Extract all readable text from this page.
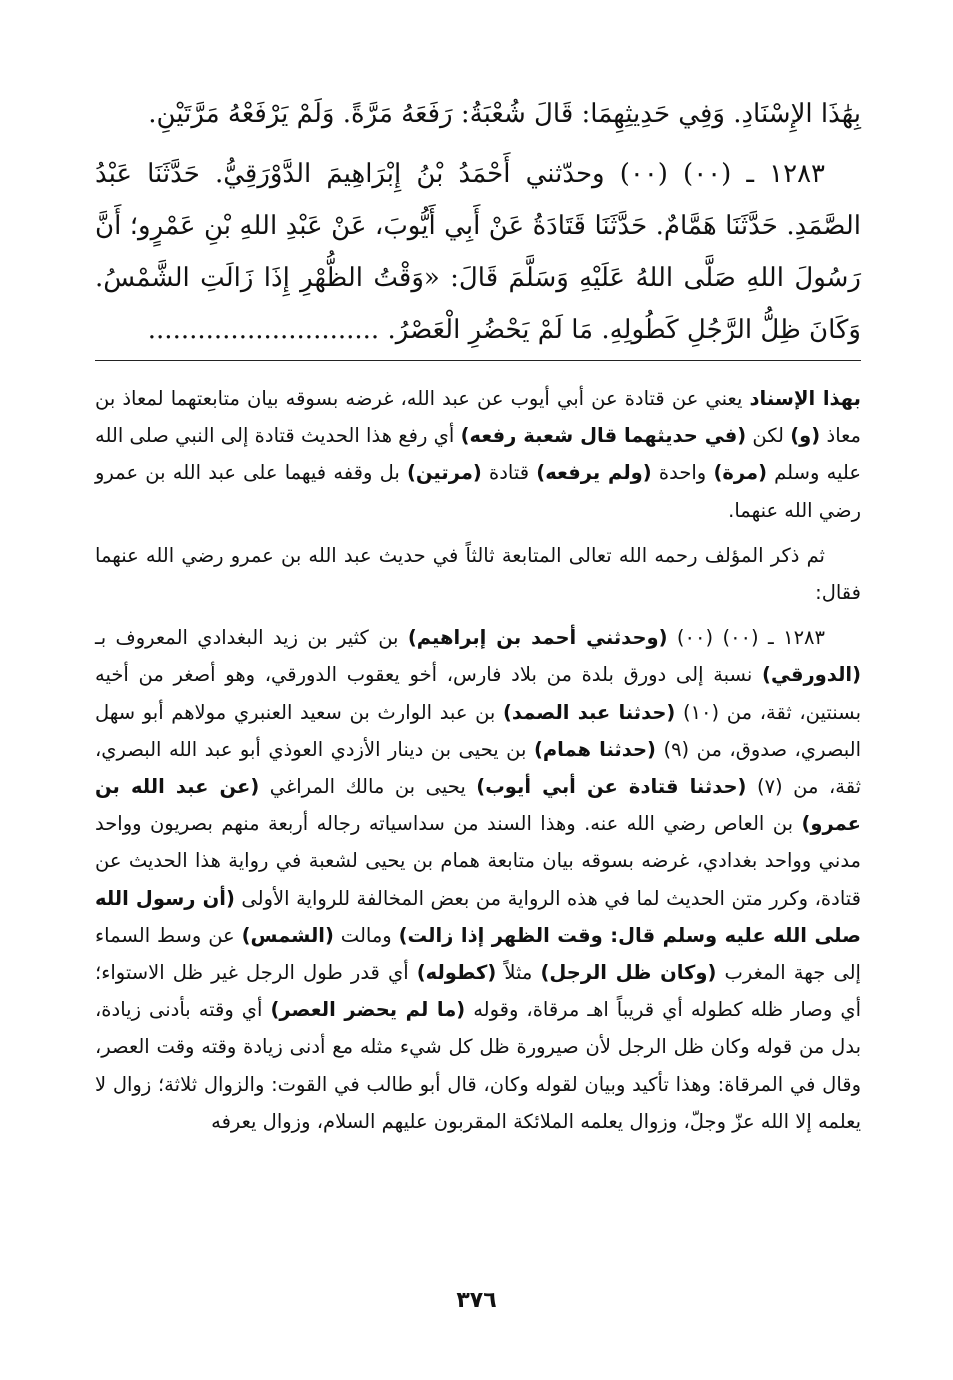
بِهَٰذَا الإِسْنَادِ. وَفِي حَدِيثِهِمَا: قَالَ شُعْبَةُ: رَفَعَهُ مَرَّةً. وَلَمْ يَرْفَعْهُ مَرَّتَيْنِ.

١٢٨٣ ـ (٠٠) (٠٠) وحدّثني أَحْمَدُ بْنُ إِبْرَاهِيمَ الدَّوْرَقِيُّ. حَدَّثَنَا عَبْدُ الصَّمَدِ. حَدَّثَنَا هَمَّامٌ. حَدَّثَنَا قَتَادَةُ عَنْ أَبِي أَيُّوبَ، عَنْ عَبْدِ اللهِ بْنِ عَمْرٍو؛ أَنَّ رَسُولَ اللهِ صَلَّى اللهُ عَلَيْهِ وَسَلَّمَ قَالَ: «وَقْتُ الظُّهْرِ إِذَا زَالَتِ الشَّمْسُ. وَكَانَ ظِلُّ الرَّجُلِ كَطُولِهِ. مَا لَمْ يَحْضُرِ الْعَصْرُ. ............................

بهذا الإسناد يعني عن قتادة عن أبي أيوب عن عبد الله، غرضه بسوقه بيان متابعتهما لمعاذ بن معاذ (و) لكن (في حديثهما قال شعبة رفعه) أي رفع هذا الحديث قتادة إلى النبي صلى الله عليه وسلم (مرة) واحدة (ولم يرفعه) قتادة (مرتين) بل وقفه فيهما على عبد الله بن عمرو رضي الله عنهما.

ثم ذكر المؤلف رحمه الله تعالى المتابعة ثالثاً في حديث عبد الله بن عمرو رضي الله عنهما فقال:

١٢٨٣ ـ (٠٠) (٠٠) (وحدثني أحمد بن إبراهيم) بن كثير بن زيد البغدادي المعروف بـ (الدورقي) نسبة إلى دورق بلدة من بلاد فارس، أخو يعقوب الدورقي، وهو أصغر من أخيه بسنتين، ثقة، من (١٠) (حدثنا عبد الصمد) بن عبد الوارث بن سعيد العنبري مولاهم أبو سهل البصري، صدوق، من (٩) (حدثنا همام) بن يحيى بن دينار الأزدي العوذي أبو عبد الله البصري، ثقة، من (٧) (حدثنا قتادة عن أبي أيوب) يحيى بن مالك المراغي (عن عبد الله بن عمرو) بن العاص رضي الله عنه. وهذا السند من سداسياته رجاله أربعة منهم بصريون وواحد مدني وواحد بغدادي، غرضه بسوقه بيان متابعة همام بن يحيى لشعبة في رواية هذا الحديث عن قتادة، وكرر متن الحديث لما في هذه الرواية من بعض المخالفة للرواية الأولى (أن رسول الله صلى الله عليه وسلم قال: وقت الظهر إذا زالت) ومالت (الشمس) عن وسط السماء إلى جهة المغرب (وكان ظل الرجل) مثلاً (كطوله) أي قدر طول الرجل غير ظل الاستواء؛ أي وصار ظله كطوله أي قريباً اهـ مرقاة، وقوله (ما لم يحضر العصر) أي وقته بأدنى زيادة، بدل من قوله وكان ظل الرجل لأن صيرورة ظل كل شيء مثله مع أدنى زيادة وقته وقت العصر، وقال في المرقاة: وهذا تأكيد وبيان لقوله وكان، قال أبو طالب في القوت: والزوال ثلاثة؛ زوال لا يعلمه إلا الله عزّ وجلّ، وزوال يعلمه الملائكة المقربون عليهم السلام، وزوال يعرفه

٣٧٦
